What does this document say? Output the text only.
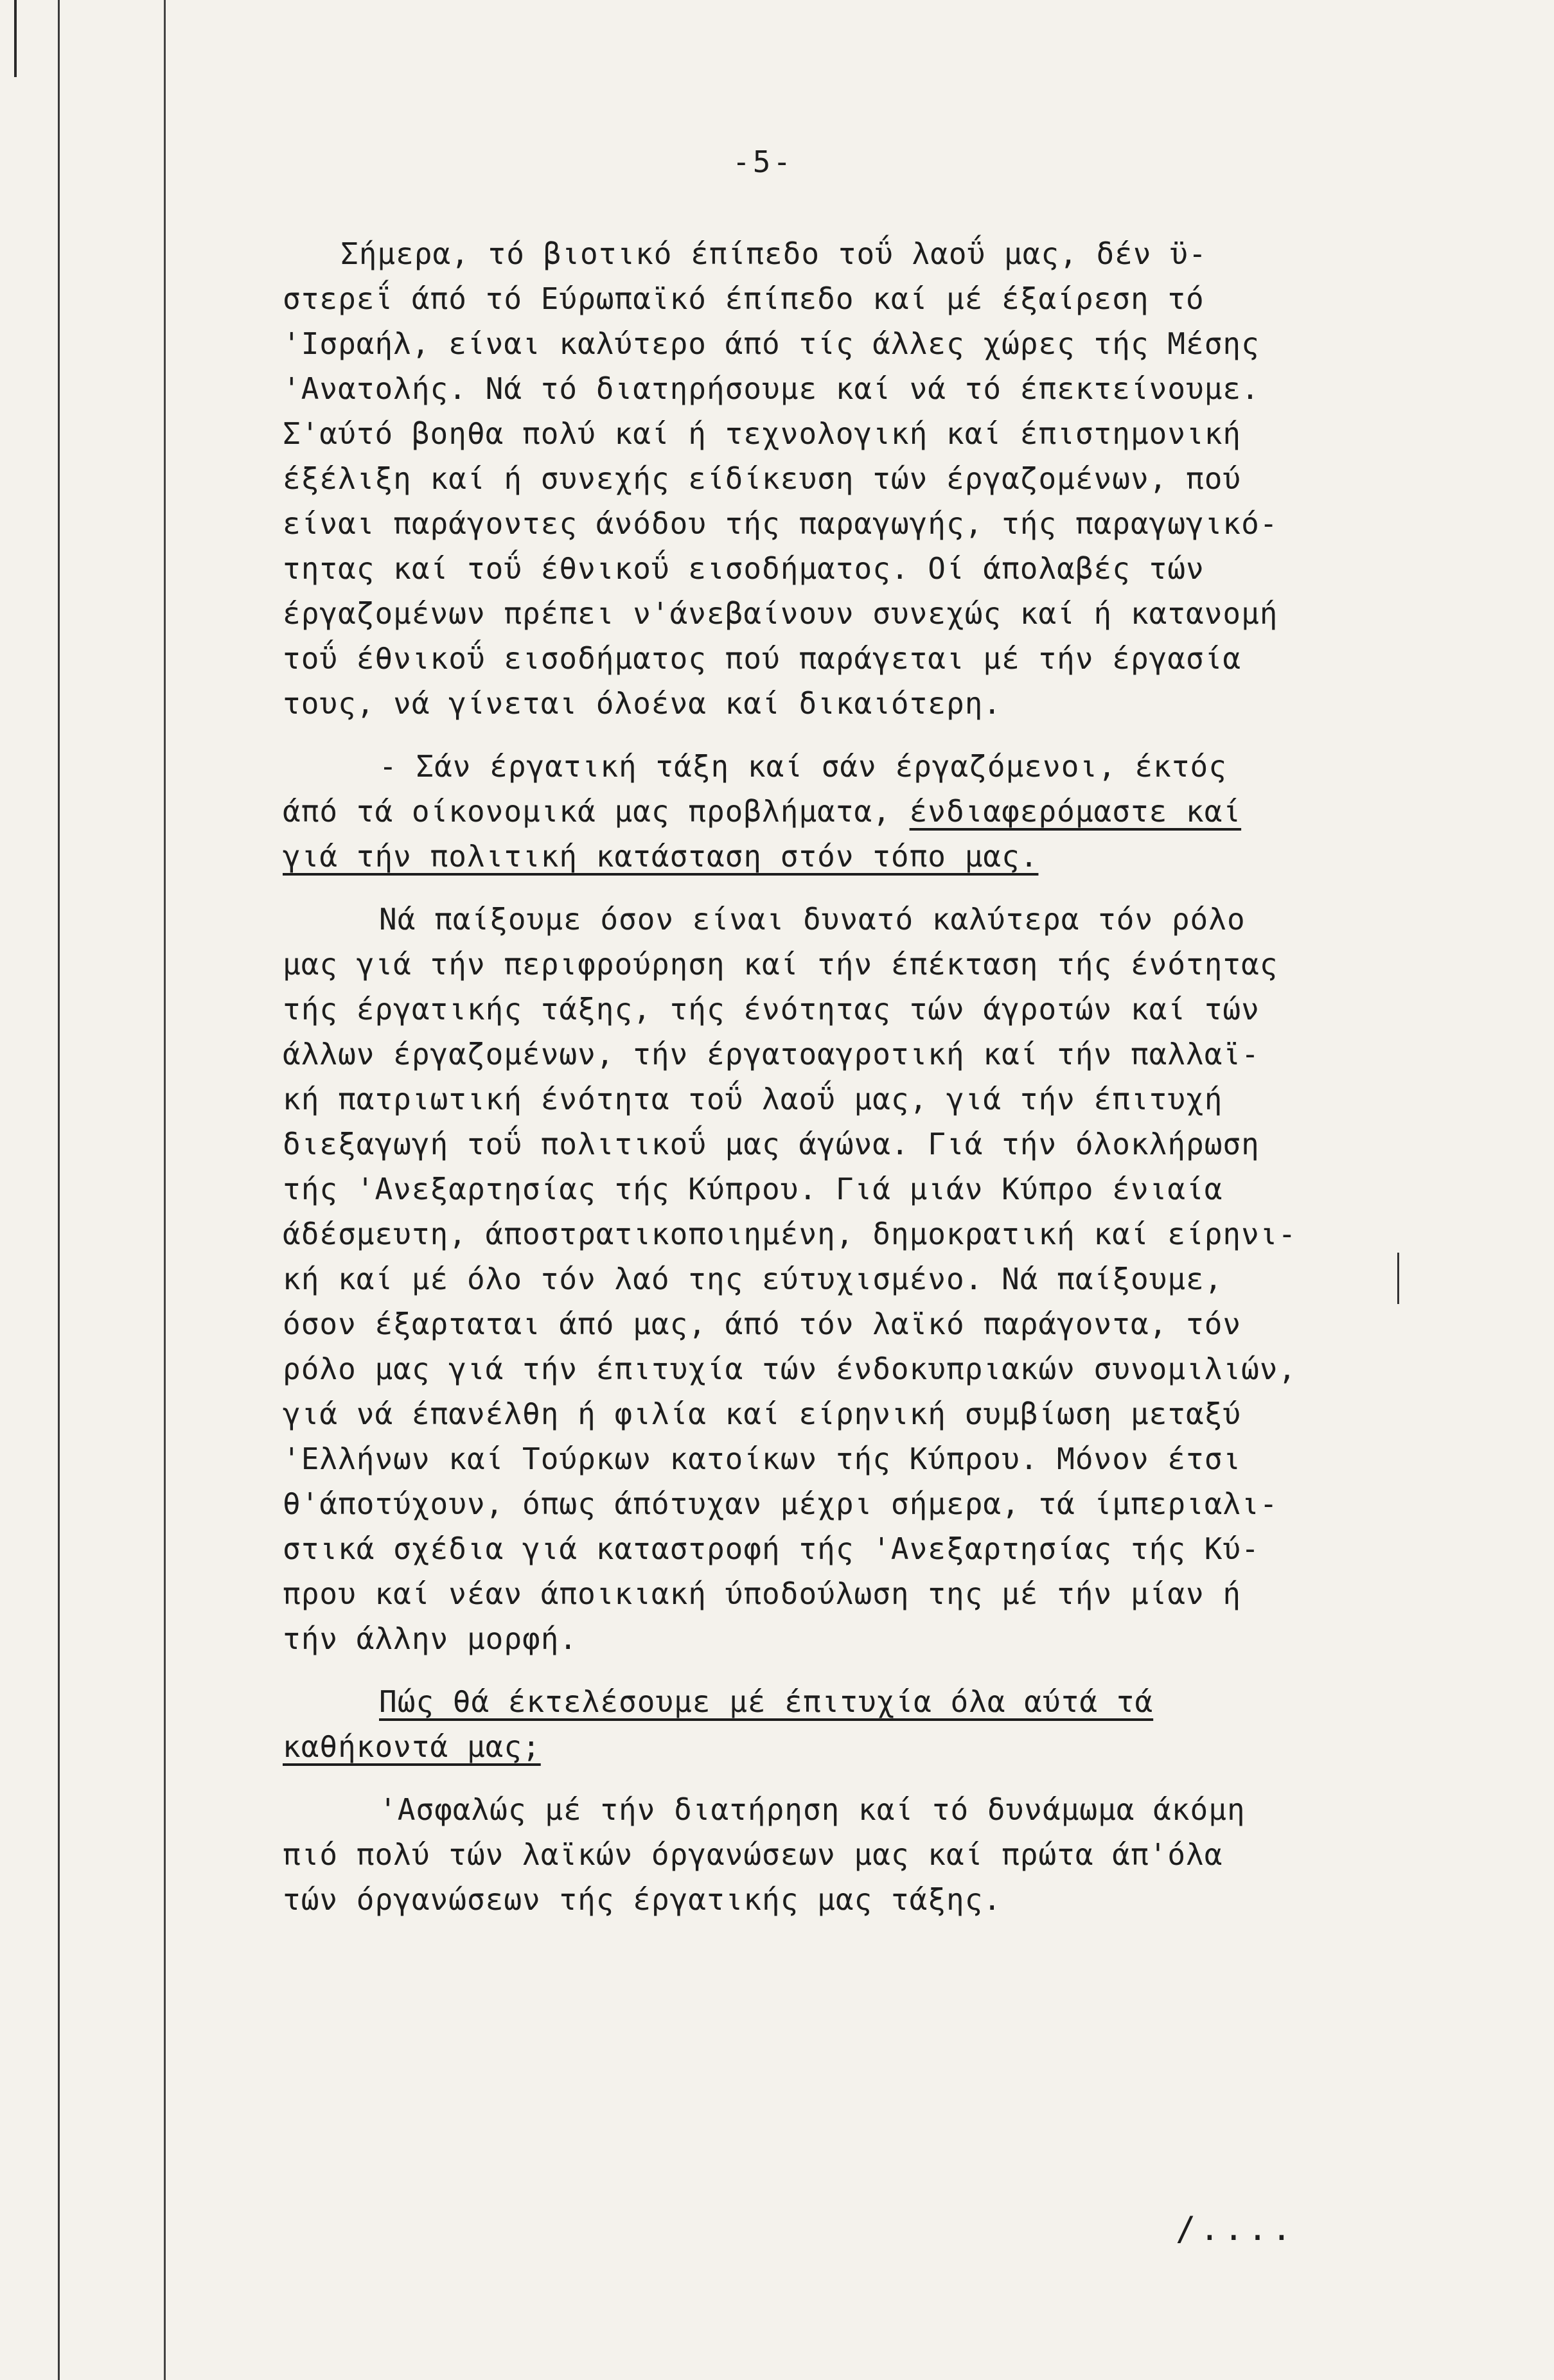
-5-
Σήμερα, τό βιοτικό έπίπεδο τοΰ λαοΰ μας, δέν ϋ-
στερεΐ άπό τό Εύρωπαϊκό έπίπεδο καί μέ έξαίρεση τό
'Ισραήλ, είναι καλύτερο άπό τίς άλλες χώρες τής Μέσης
'Ανατολής. Νά τό διατηρήσουμε καί νά τό έπεκτείνουμε.
Σ'αύτό βοηθα πολύ καί ή τεχνολογική καί έπιστημονική
έξέλιξη καί ή συνεχής είδίκευση τών έργαζομένων, πού
είναι παράγοντες άνόδου τής παραγωγής, τής παραγωγικό-
τητας καί τοΰ έθνικοΰ εισοδήματος. Οί άπολαβές τών
έργαζομένων πρέπει ν'άνεβαίνουν συνεχώς καί ή κατανομή
τοΰ έθνικοΰ εισοδήματος πού παράγεται μέ τήν έργασία
τους, νά γίνεται όλοένα καί δικαιότερη.
- Σάν έργατική τάξη καί σάν έργαζόμενοι, έκτός
άπό τά οίκονομικά μας προβλήματα, ένδιαφερόμαστε καί
γιά τήν πολιτική κατάσταση στόν τόπο μας.
Νά παίξουμε όσον είναι δυνατό καλύτερα τόν ρόλο
μας γιά τήν περιφρούρηση καί τήν έπέκταση τής ένότητας
τής έργατικής τάξης, τής ένότητας τών άγροτών καί τών
άλλων έργαζομένων, τήν έργατοαγροτική καί τήν παλλαϊ-
κή πατριωτική ένότητα τοΰ λαοΰ μας, γιά τήν έπιτυχή
διεξαγωγή τοΰ πολιτικοΰ μας άγώνα. Γιά τήν όλοκλήρωση
τής 'Ανεξαρτησίας τής Κύπρου. Γιά μιάν Κύπρο ένιαία
άδέσμευτη, άποστρατικοποιημένη, δημοκρατική καί είρηνι-
κή καί μέ όλο τόν λαό της εύτυχισμένο. Νά παίξουμε,
όσον έξαρταται άπό μας, άπό τόν λαϊκό παράγοντα, τόν
ρόλο μας γιά τήν έπιτυχία τών ένδοκυπριακών συνομιλιών,
γιά νά έπανέλθη ή φιλία καί είρηνική συμβίωση μεταξύ
'Ελλήνων καί Τούρκων κατοίκων τής Κύπρου. Μόνον έτσι
θ'άποτύχουν, όπως άπότυχαν μέχρι σήμερα, τά ίμπεριαλι-
στικά σχέδια γιά καταστροφή τής 'Ανεξαρτησίας τής Κύ-
πρου καί νέαν άποικιακή ύποδούλωση της μέ τήν μίαν ή
τήν άλλην μορφή.
Πώς θά έκτελέσουμε μέ έπιτυχία όλα αύτά τά
καθήκοντά μας;
'Ασφαλώς μέ τήν διατήρηση καί τό δυνάμωμα άκόμη
πιό πολύ τών λαϊκών όργανώσεων μας καί πρώτα άπ'όλα
τών όργανώσεων τής έργατικής μας τάξης.
/....
